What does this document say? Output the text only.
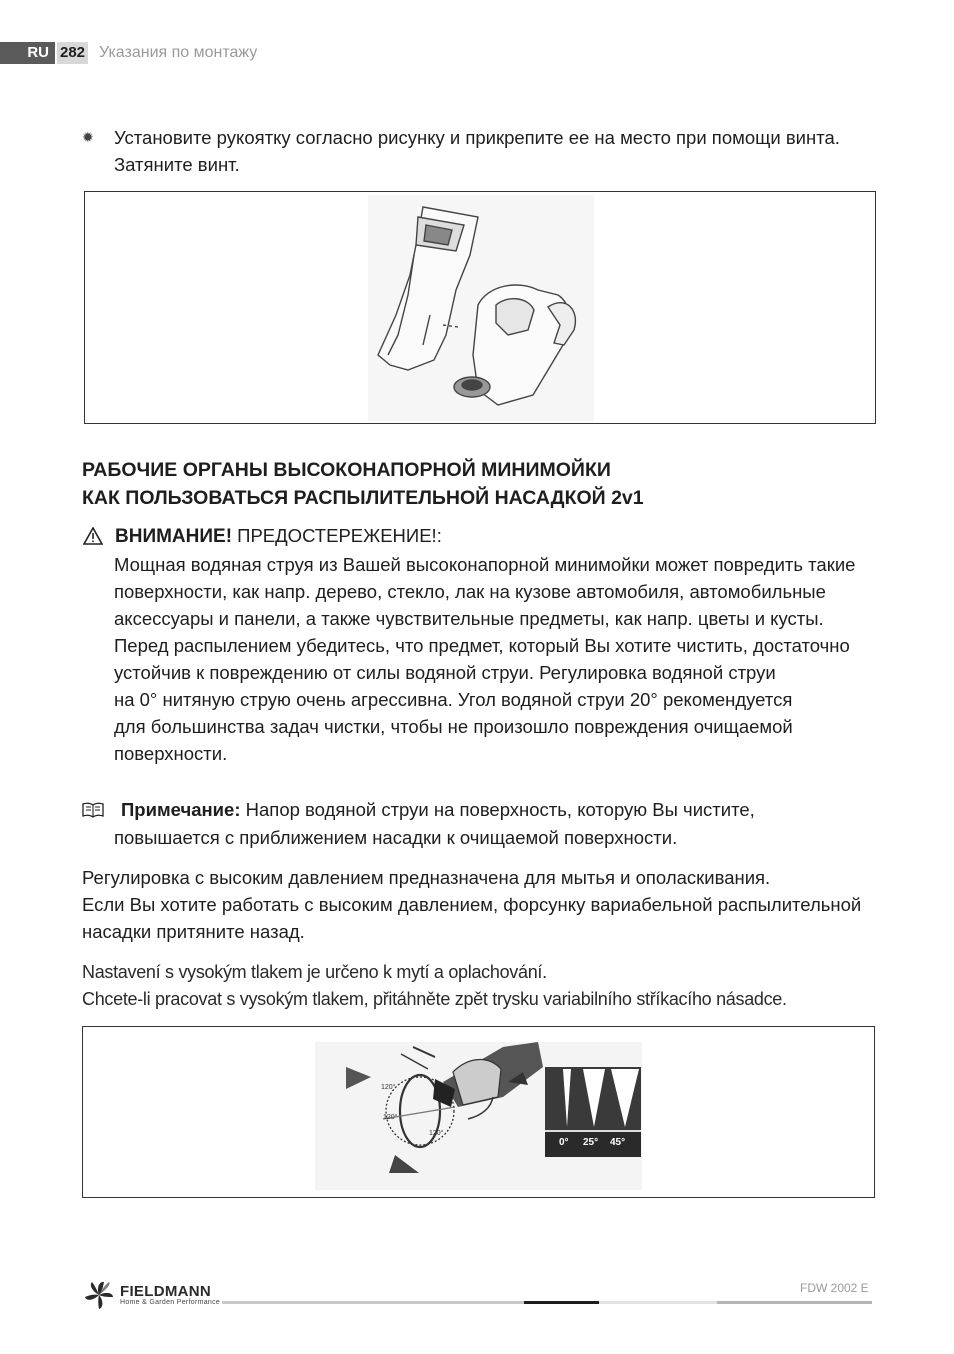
RU 282 Указания по монтажу
✹ Установите рукоятку согласно рисунку и прикрепите ее на место при помощи винта.
Затяните винт.
РАБОЧИЕ ОРГАНЫ ВЫСОКОНАПОРНОЙ МИНИМОЙКИ
КАК ПОЛЬЗОВАТЬСЯ РАСПЫЛИТЕЛЬНОЙ НАСАДКОЙ 2v1
ВНИМАНИЕ! ПРЕДОСТЕРЕЖЕНИЕ!:
Мощная водяная струя из Вашей высоконапорной минимойки может повредить такие
поверхности, как напр. дерево, стекло, лак на кузове автомобиля, автомобильные
аксессуары и панели, а также чувствительные предметы, как напр. цветы и кусты.
Перед распылением убедитесь, что предмет, который Вы хотите чистить, достаточно
устойчив к повреждению от силы водяной струи. Регулировка водяной струи
на 0° нитяную струю очень агрессивна. Угол водяной струи 20° рекомендуется
для большинства задач чистки, чтобы не произошло повреждения очищаемой
поверхности.
Примечание: Напор водяной струи на поверхность, которую Вы чистите,
повышается с приближением насадки к очищаемой поверхности.
Регулировка с высоким давлением предназначена для мытья и ополаскивания.
Если Вы хотите работать с высоким давлением, форсунку вариабельной распылительной
насадки притяните назад.
Nastavení s vysokým tlakem je určeno k mytí a oplachování.
Chcete-li pracovat s vysokým tlakem, přitáhněte zpět trysku variabilního stříkacího násadce.
120°
120°
120°
0° 25° 45°
FIELDMANN
Home & Garden Performance
FDW 2002 E
